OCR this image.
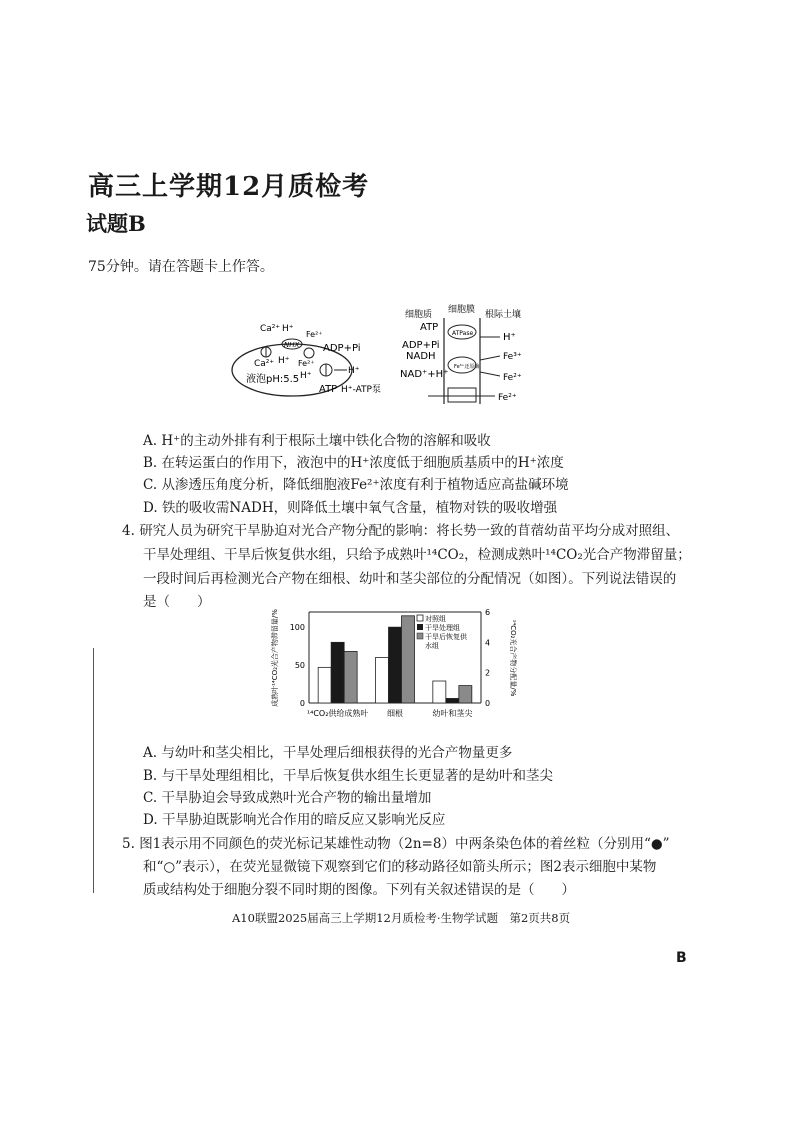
高三上学期12月质检考
试题B
75分钟。请在答题卡上作答。
Ca²⁺ H⁺
Fe²⁺
NHX
Ca²⁺ H⁺ Fe²⁺
ADP+Pi
液泡pH:5.5 H⁺	H⁺
ATP H⁺-ATP泵
细胞质 细胞膜 根际土壤
ATP
ATPase	H⁺
ADP+Pi
NADH	Fe³⁺
NAD⁺+H⁺
Fe³⁺还原酶
Fe²⁺
Fe²⁺
A. H⁺的主动外排有利于根际土壤中铁化合物的溶解和吸收
B. 在转运蛋白的作用下，液泡中的H⁺浓度低于细胞质基质中的H⁺浓度
C. 从渗透压角度分析，降低细胞液Fe²⁺浓度有利于植物适应高盐碱环境
D. 铁的吸收需NADH，则降低土壤中氧气含量，植物对铁的吸收增强
4. 研究人员为研究干旱胁迫对光合产物分配的影响：将长势一致的苜蓿幼苗平均分成对照组、
干旱处理组、干旱后恢复供水组，只给予成熟叶¹⁴CO₂，检测成熟叶¹⁴CO₂光合产物滞留量；
一段时间后再检测光合产物在细根、幼叶和茎尖部位的分配情况（如图）。下列说法错误的
是（　　）
0
50
100
0
2
4
6
¹⁴CO₂供给成熟叶 细根	幼叶和茎尖
成熟叶¹⁴CO₂光合产物滞留量/%	¹⁴CO₂光合产物分配量/%
对照组
干旱处理组
干旱后恢复供
水组
A. 与幼叶和茎尖相比，干旱处理后细根获得的光合产物量更多
B. 与干旱处理组相比，干旱后恢复供水组生长更显著的是幼叶和茎尖
C. 干旱胁迫会导致成熟叶光合产物的输出量增加
D. 干旱胁迫既影响光合作用的暗反应又影响光反应
5. 图1表示用不同颜色的荧光标记某雄性动物（2n=8）中两条染色体的着丝粒（分别用“●”
和“○”表示），在荧光显微镜下观察到它们的移动路径如箭头所示；图2表示细胞中某物
质或结构处于细胞分裂不同时期的图像。下列有关叙述错误的是（　　）
A10联盟2025届高三上学期12月质检考·生物学试题　第2页共8页
B
